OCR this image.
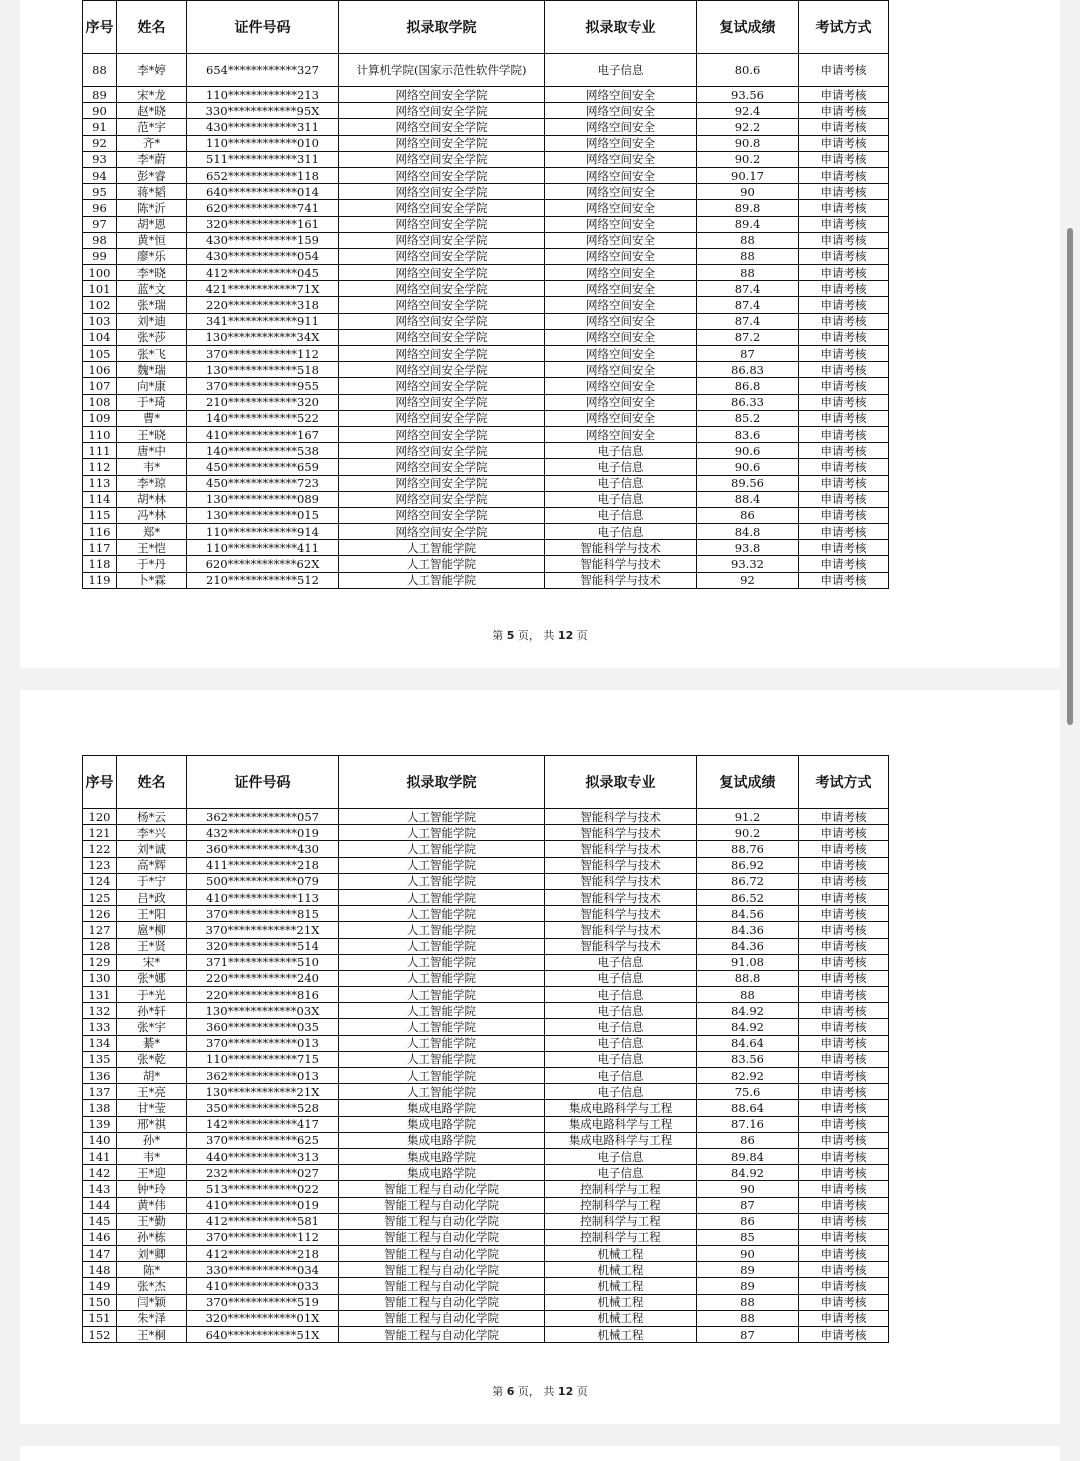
序号	姓名	证件号码	拟录取学院	拟录取专业	复试成绩	考试方式
88	李*婷	654************327	计算机学院(国家示范性软件学院)	电子信息	80.6	申请考核
89	宋*龙	110************213	网络空间安全学院	网络空间安全	93.56	申请考核
90	赵*晓	330************95X	网络空间安全学院	网络空间安全	92.4	申请考核
91	范*宇	430************311	网络空间安全学院	网络空间安全	92.2	申请考核
92	齐*	110************010	网络空间安全学院	网络空间安全	90.8	申请考核
93	李*蔚	511************311	网络空间安全学院	网络空间安全	90.2	申请考核
94	彭*睿	652************118	网络空间安全学院	网络空间安全	90.17	申请考核
95	蒋*韬	640************014	网络空间安全学院	网络空间安全	90	申请考核
96	陈*沂	620************741	网络空间安全学院	网络空间安全	89.8	申请考核
97	胡*恩	320************161	网络空间安全学院	网络空间安全	89.4	申请考核
98	黄*恒	430************159	网络空间安全学院	网络空间安全	88	申请考核
99	廖*乐	430************054	网络空间安全学院	网络空间安全	88	申请考核
100	李*晓	412************045	网络空间安全学院	网络空间安全	88	申请考核
101	蓝*文	421************71X	网络空间安全学院	网络空间安全	87.4	申请考核
102	张*瑞	220************318	网络空间安全学院	网络空间安全	87.4	申请考核
103	刘*迪	341************911	网络空间安全学院	网络空间安全	87.4	申请考核
104	张*莎	130************34X	网络空间安全学院	网络空间安全	87.2	申请考核
105	张*飞	370************112	网络空间安全学院	网络空间安全	87	申请考核
106	魏*瑞	130************518	网络空间安全学院	网络空间安全	86.83	申请考核
107	向*康	370************955	网络空间安全学院	网络空间安全	86.8	申请考核
108	于*琦	210************320	网络空间安全学院	网络空间安全	86.33	申请考核
109	曹*	140************522	网络空间安全学院	网络空间安全	85.2	申请考核
110	王*晓	410************167	网络空间安全学院	网络空间安全	83.6	申请考核
111	唐*中	140************538	网络空间安全学院	电子信息	90.6	申请考核
112	韦*	450************659	网络空间安全学院	电子信息	90.6	申请考核
113	李*琼	450************723	网络空间安全学院	电子信息	89.56	申请考核
114	胡*林	130************089	网络空间安全学院	电子信息	88.4	申请考核
115	冯*林	130************015	网络空间安全学院	电子信息	86	申请考核
116	郑*	110************914	网络空间安全学院	电子信息	84.8	申请考核
117	王*恺	110************411	人工智能学院	智能科学与技术	93.8	申请考核
118	于*丹	620************62X	人工智能学院	智能科学与技术	93.32	申请考核
119	卜*霖	210************512	人工智能学院	智能科学与技术	92	申请考核
第 5 页， 共 12 页
序号	姓名	证件号码	拟录取学院	拟录取专业	复试成绩	考试方式
120	杨*云	362************057	人工智能学院	智能科学与技术	91.2	申请考核
121	李*兴	432************019	人工智能学院	智能科学与技术	90.2	申请考核
122	刘*诚	360************430	人工智能学院	智能科学与技术	88.76	申请考核
123	高*辉	411************218	人工智能学院	智能科学与技术	86.92	申请考核
124	于*宁	500************079	人工智能学院	智能科学与技术	86.72	申请考核
125	吕*政	410************113	人工智能学院	智能科学与技术	86.52	申请考核
126	王*阳	370************815	人工智能学院	智能科学与技术	84.56	申请考核
127	扈*柳	370************21X	人工智能学院	智能科学与技术	84.36	申请考核
128	王*贤	320************514	人工智能学院	智能科学与技术	84.36	申请考核
129	宋*	371************510	人工智能学院	电子信息	91.08	申请考核
130	张*娜	220************240	人工智能学院	电子信息	88.8	申请考核
131	于*光	220************816	人工智能学院	电子信息	88	申请考核
132	孙*轩	130************03X	人工智能学院	电子信息	84.92	申请考核
133	张*宇	360************035	人工智能学院	电子信息	84.92	申请考核
134	綦*	370************013	人工智能学院	电子信息	84.64	申请考核
135	张*乾	110************715	人工智能学院	电子信息	83.56	申请考核
136	胡*	362************013	人工智能学院	电子信息	82.92	申请考核
137	王*亮	130************21X	人工智能学院	电子信息	75.6	申请考核
138	甘*莹	350************528	集成电路学院	集成电路科学与工程	88.64	申请考核
139	邢*祺	142************417	集成电路学院	集成电路科学与工程	87.16	申请考核
140	孙*	370************625	集成电路学院	集成电路科学与工程	86	申请考核
141	韦*	440************313	集成电路学院	电子信息	89.84	申请考核
142	王*迎	232************027	集成电路学院	电子信息	84.92	申请考核
143	钟*玲	513************022	智能工程与自动化学院	控制科学与工程	90	申请考核
144	黄*伟	410************019	智能工程与自动化学院	控制科学与工程	87	申请考核
145	王*勤	412************581	智能工程与自动化学院	控制科学与工程	86	申请考核
146	孙*栋	370************112	智能工程与自动化学院	控制科学与工程	85	申请考核
147	刘*卿	412************218	智能工程与自动化学院	机械工程	90	申请考核
148	陈*	330************034	智能工程与自动化学院	机械工程	89	申请考核
149	张*杰	410************033	智能工程与自动化学院	机械工程	89	申请考核
150	闫*颖	370************519	智能工程与自动化学院	机械工程	88	申请考核
151	朱*泽	320************01X	智能工程与自动化学院	机械工程	88	申请考核
152	王*桐	640************51X	智能工程与自动化学院	机械工程	87	申请考核
第 6 页， 共 12 页
